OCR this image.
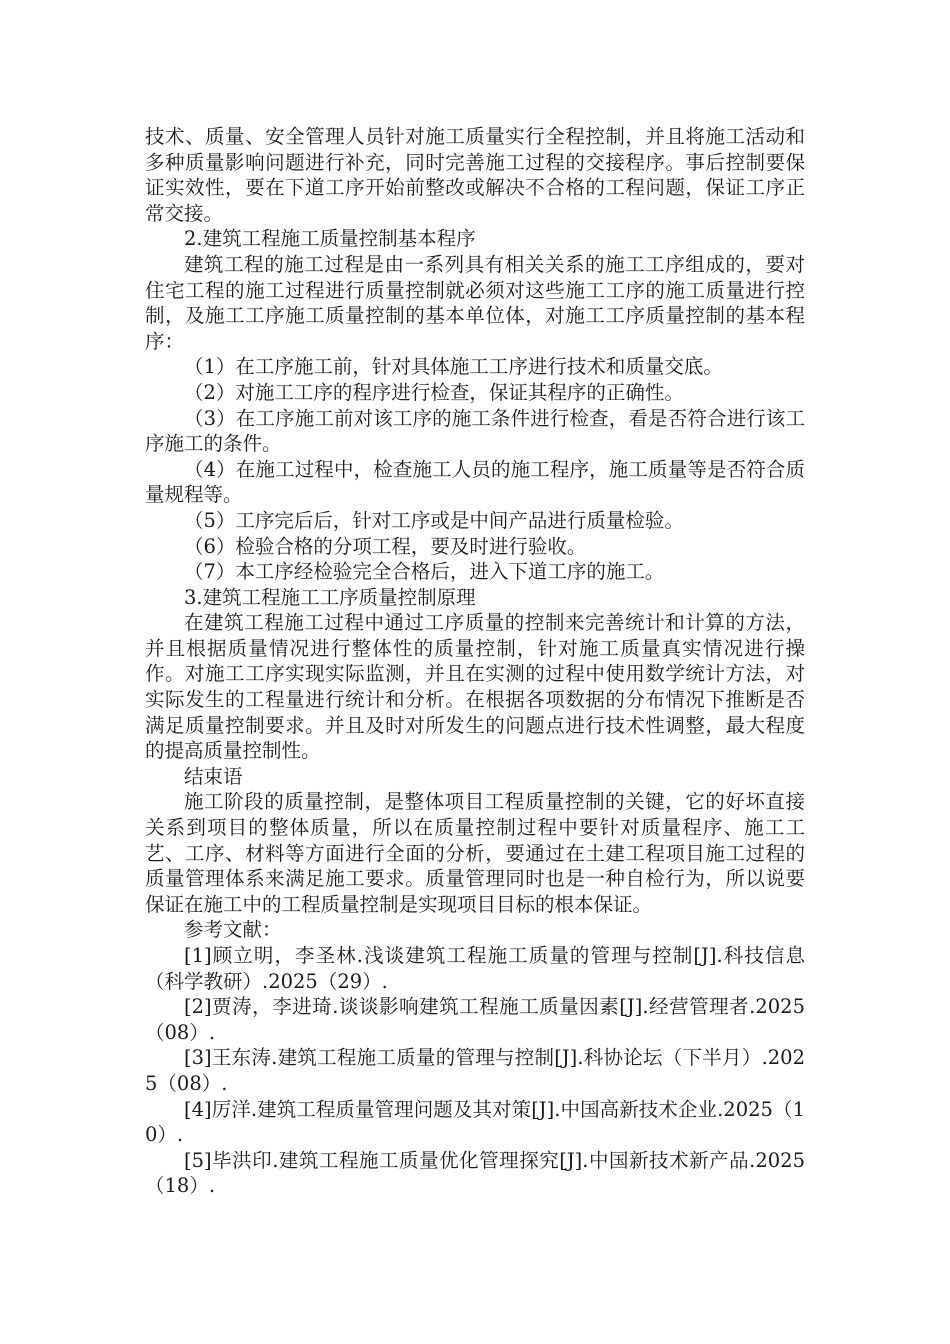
技术、质量、安全管理人员针对施工质量实行全程控制，并且将施工活动和多种质量影响问题进行补充，同时完善施工过程的交接程序。事后控制要保证实效性，要在下道工序开始前整改或解决不合格的工程问题，保证工序正常交接。

2.建筑工程施工质量控制基本程序

建筑工程的施工过程是由一系列具有相关关系的施工工序组成的，要对住宅工程的施工过程进行质量控制就必须对这些施工工序的施工质量进行控制，及施工工序施工质量控制的基本单位体，对施工工序质量控制的基本程序：

（1）在工序施工前，针对具体施工工序进行技术和质量交底。

（2）对施工工序的程序进行检查，保证其程序的正确性。

（3）在工序施工前对该工序的施工条件进行检查，看是否符合进行该工序施工的条件。

（4）在施工过程中，检查施工人员的施工程序，施工质量等是否符合质量规程等。

（5）工序完后后，针对工序或是中间产品进行质量检验。

（6）检验合格的分项工程，要及时进行验收。

（7）本工序经检验完全合格后，进入下道工序的施工。

3.建筑工程施工工序质量控制原理

在建筑工程施工过程中通过工序质量的控制来完善统计和计算的方法，并且根据质量情况进行整体性的质量控制，针对施工质量真实情况进行操作。对施工工序实现实际监测，并且在实测的过程中使用数学统计方法，对实际发生的工程量进行统计和分析。在根据各项数据的分布情况下推断是否满足质量控制要求。并且及时对所发生的问题点进行技术性调整，最大程度的提高质量控制性。

结束语

施工阶段的质量控制，是整体项目工程质量控制的关键，它的好坏直接关系到项目的整体质量，所以在质量控制过程中要针对质量程序、施工工艺、工序、材料等方面进行全面的分析，要通过在土建工程项目施工过程的质量管理体系来满足施工要求。质量管理同时也是一种自检行为，所以说要保证在施工中的工程质量控制是实现项目目标的根本保证。

参考文献：

[1]顾立明，李圣林.浅谈建筑工程施工质量的管理与控制[J].科技信息（科学教研）.2025（29）.

[2]贾涛，李进琦.谈谈影响建筑工程施工质量因素[J].经营管理者.2025（08）.

[3]王东涛.建筑工程施工质量的管理与控制[J].科协论坛（下半月）.2025（08）.

[4]厉洋.建筑工程质量管理问题及其对策[J].中国高新技术企业.2025（10）.

[5]毕洪印.建筑工程施工质量优化管理探究[J].中国新技术新产品.2025（18）.
